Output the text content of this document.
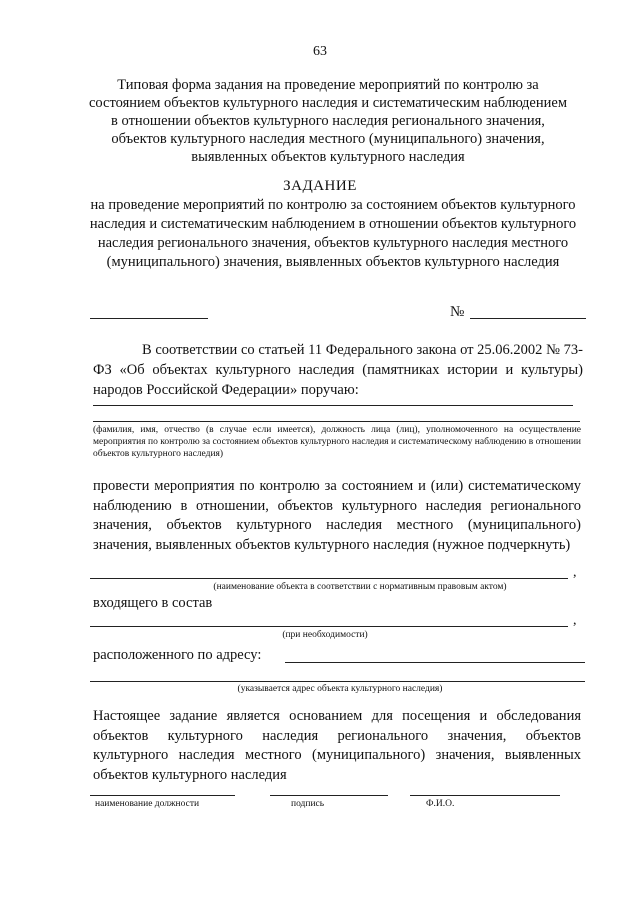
63
Типовая форма задания на проведение мероприятий по контролю за состоянием объектов культурного наследия и систематическим наблюдением в отношении объектов культурного наследия регионального значения, объектов культурного наследия местного (муниципального) значения, выявленных объектов культурного наследия
ЗАДАНИЕ
на проведение мероприятий по контролю за состоянием объектов культурного наследия и систематическим наблюдением в отношении объектов культурного наследия регионального значения, объектов культурного наследия местного (муниципального) значения, выявленных объектов культурного наследия
№

В соответствии со статьей 11 Федерального закона от 25.06.2002 № 73-ФЗ «Об объектах культурного наследия (памятниках истории и культуры) народов Российской Федерации» поручаю:

(фамилия, имя, отчество (в случае если имеется), должность лица (лиц), уполномоченного на осуществление мероприятия по контролю за состоянием объектов культурного наследия и систематическому наблюдению в отношении объектов культурного наследия)
провести мероприятия по контролю за состоянием и (или) систематическому наблюдению в отношении, объектов культурного наследия регионального значения, объектов культурного наследия местного (муниципального) значения, выявленных объектов культурного наследия (нужное подчеркнуть)
,
(наименование объекта в соответствии с нормативным правовым актом)
входящего в состав
,
(при необходимости)
расположенного по адресу:
(указывается адрес объекта культурного наследия)
Настоящее задание является основанием для посещения и обследования объектов культурного наследия регионального значения, объектов культурного наследия местного (муниципального) значения, выявленных объектов культурного наследия
наименование должности	подпись	Ф.И.О.
